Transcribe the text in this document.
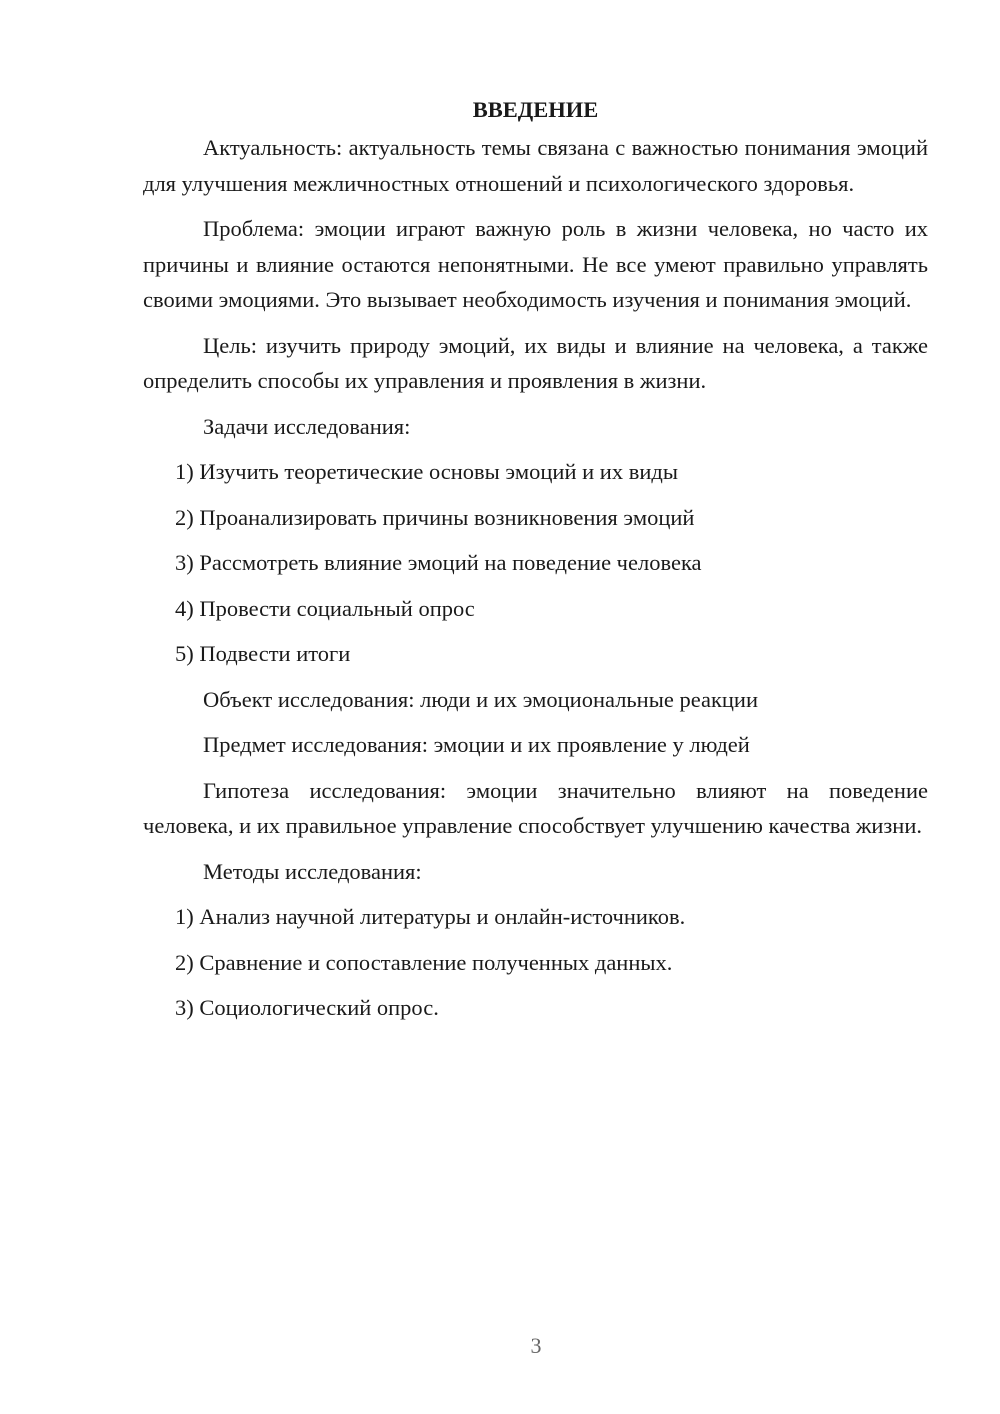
ВВЕДЕНИЕ

Актуальность: актуальность темы связана с важностью понимания эмоций для улучшения межличностных отношений и психологического здоровья.

Проблема: эмоции играют важную роль в жизни человека, но часто их причины и влияние остаются непонятными. Не все умеют правильно управлять своими эмоциями. Это вызывает необходимость изучения и понимания эмоций.

Цель: изучить природу эмоций, их виды и влияние на человека, а также определить способы их управления и проявления в жизни.

Задачи исследования:

1) Изучить теоретические основы эмоций и их виды

2) Проанализировать причины возникновения эмоций

3) Рассмотреть влияние эмоций на поведение человека

4) Провести социальный опрос

5) Подвести итоги

Объект исследования: люди и их эмоциональные реакции

Предмет исследования: эмоции и их проявление у людей

Гипотеза исследования: эмоции значительно влияют на поведение человека, и их правильное управление способствует улучшению качества жизни.

Методы исследования:

1) Анализ научной литературы и онлайн-источников.

2) Сравнение и сопоставление полученных данных.

3) Социологический опрос.

3
